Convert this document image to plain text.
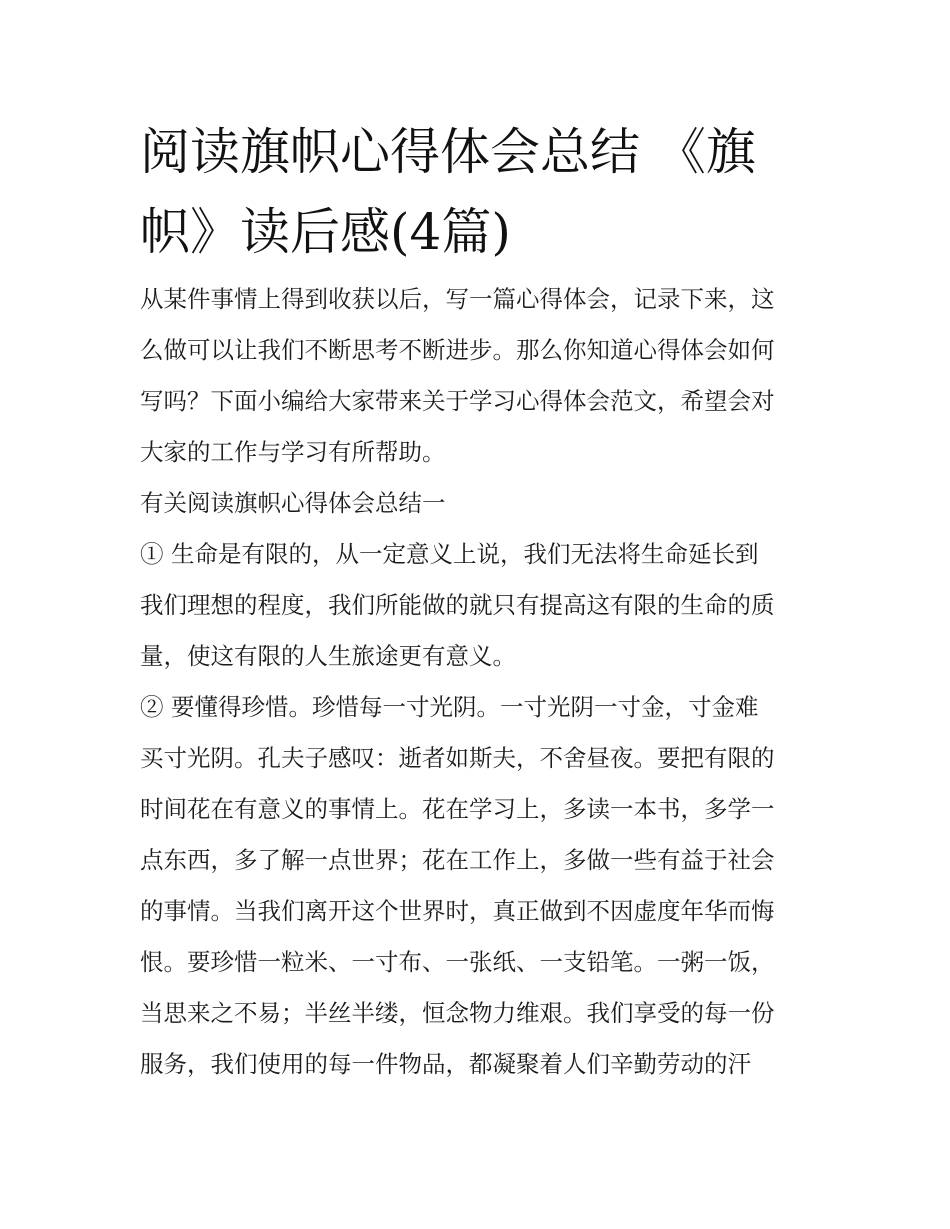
阅读旗帜心得体会总结 《旗帜》读后感(4篇)
从某件事情上得到收获以后，写一篇心得体会，记录下来，这
么做可以让我们不断思考不断进步。那么你知道心得体会如何
写吗？下面小编给大家带来关于学习心得体会范文，希望会对
大家的工作与学习有所帮助。
有关阅读旗帜心得体会总结一
① 生命是有限的，从一定意义上说，我们无法将生命延长到
我们理想的程度，我们所能做的就只有提高这有限的生命的质
量，使这有限的人生旅途更有意义。
② 要懂得珍惜。珍惜每一寸光阴。一寸光阴一寸金，寸金难
买寸光阴。孔夫子感叹：逝者如斯夫，不舍昼夜。要把有限的
时间花在有意义的事情上。花在学习上，多读一本书，多学一
点东西，多了解一点世界；花在工作上，多做一些有益于社会
的事情。当我们离开这个世界时，真正做到不因虚度年华而悔
恨。要珍惜一粒米、一寸布、一张纸、一支铅笔。一粥一饭，
当思来之不易；半丝半缕，恒念物力维艰。我们享受的每一份
服务，我们使用的每一件物品，都凝聚着人们辛勤劳动的汗
